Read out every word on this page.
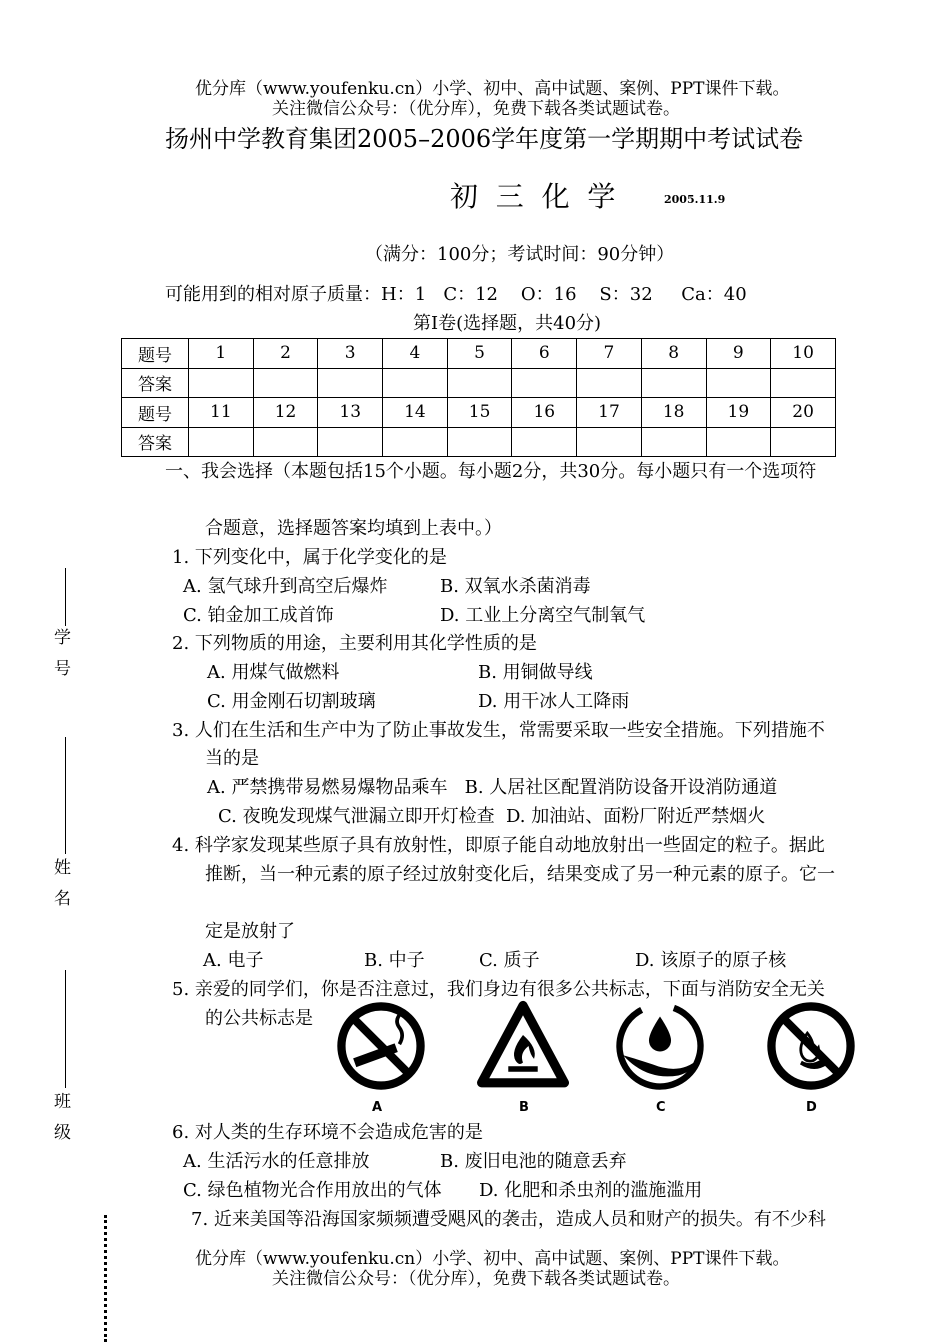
优分库（www.youfenku.cn）小学、初中、高中试题、案例、PPT课件下载。
关注微信公众号：（优分库），免费下载各类试题试卷。
扬州中学教育集团2005–2006学年度第一学期期中考试试卷
初  三  化  学	2005.11.9
（满分：100分；考试时间：90分钟）
可能用到的相对原子质量：H：1   C：12    O：16    S：32     Ca：40
第I卷(选择题，共40分)
题号	1	2	3	4	5	6	7	8	9	10
答案										
题号	11	12	13	14	15	16	17	18	19	20
答案										
一、我会选择（本题包括15个小题。每小题2分，共30分。每小题只有一个选项符
合题意，选择题答案均填到上表中。）
1. 下列变化中，属于化学变化的是
A. 氢气球升到高空后爆炸	B. 双氧水杀菌消毒
C. 铂金加工成首饰	D. 工业上分离空气制氧气
2. 下列物质的用途，主要利用其化学性质的是
A. 用煤气做燃料	B. 用铜做导线
C. 用金刚石切割玻璃	D. 用干冰人工降雨
3. 人们在生活和生产中为了防止事故发生，常需要采取一些安全措施。下列措施不
当的是
A. 严禁携带易燃易爆物品乘车   B. 人居社区配置消防设备开设消防通道
C. 夜晚发现煤气泄漏立即开灯检查  D. 加油站、面粉厂附近严禁烟火
4. 科学家发现某些原子具有放射性，即原子能自动地放射出一些固定的粒子。据此
推断，当一种元素的原子经过放射变化后，结果变成了另一种元素的原子。它一
定是放射了
A. 电子	B. 中子	C. 质子	D. 该原子的原子核
5. 亲爱的同学们，你是否注意过，我们身边有很多公共标志，下面与消防安全无关
的公共标志是
A	B	C	D
6. 对人类的生存环境不会造成危害的是
A. 生活污水的任意排放	B. 废旧电池的随意丢弃
C. 绿色植物光合作用放出的气体 D. 化肥和杀虫剂的滥施滥用
7. 近来美国等沿海国家频频遭受飓风的袭击，造成人员和财产的损失。有不少科
优分库（www.youfenku.cn）小学、初中、高中试题、案例、PPT课件下载。
关注微信公众号：（优分库），免费下载各类试题试卷。
学号
姓名
班级
